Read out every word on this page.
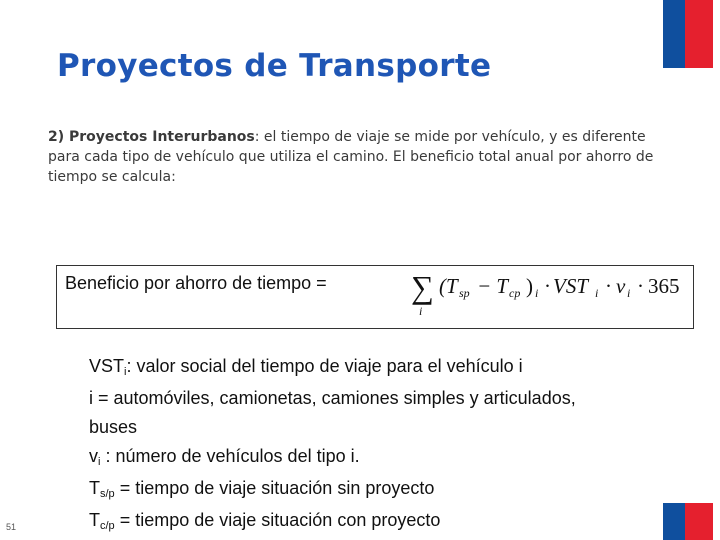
Proyectos de Transporte
2) Proyectos Interurbanos: el tiempo de viaje se mide por vehículo, y es diferente para cada tipo de vehículo que utiliza el camino. El beneficio total anual por ahorro de tiempo se calcula:
Beneficio por ahorro de tiempo =	∑
i
(T sp − T cp ) i · VST i · v i · 365
VSTi: valor social del tiempo de viaje para el vehículo i
i = automóviles, camionetas, camiones simples y articulados,
buses
vi : número de vehículos del tipo i.
Ts/p = tiempo de viaje situación sin proyecto
Tc/p = tiempo de viaje situación con proyecto
51
